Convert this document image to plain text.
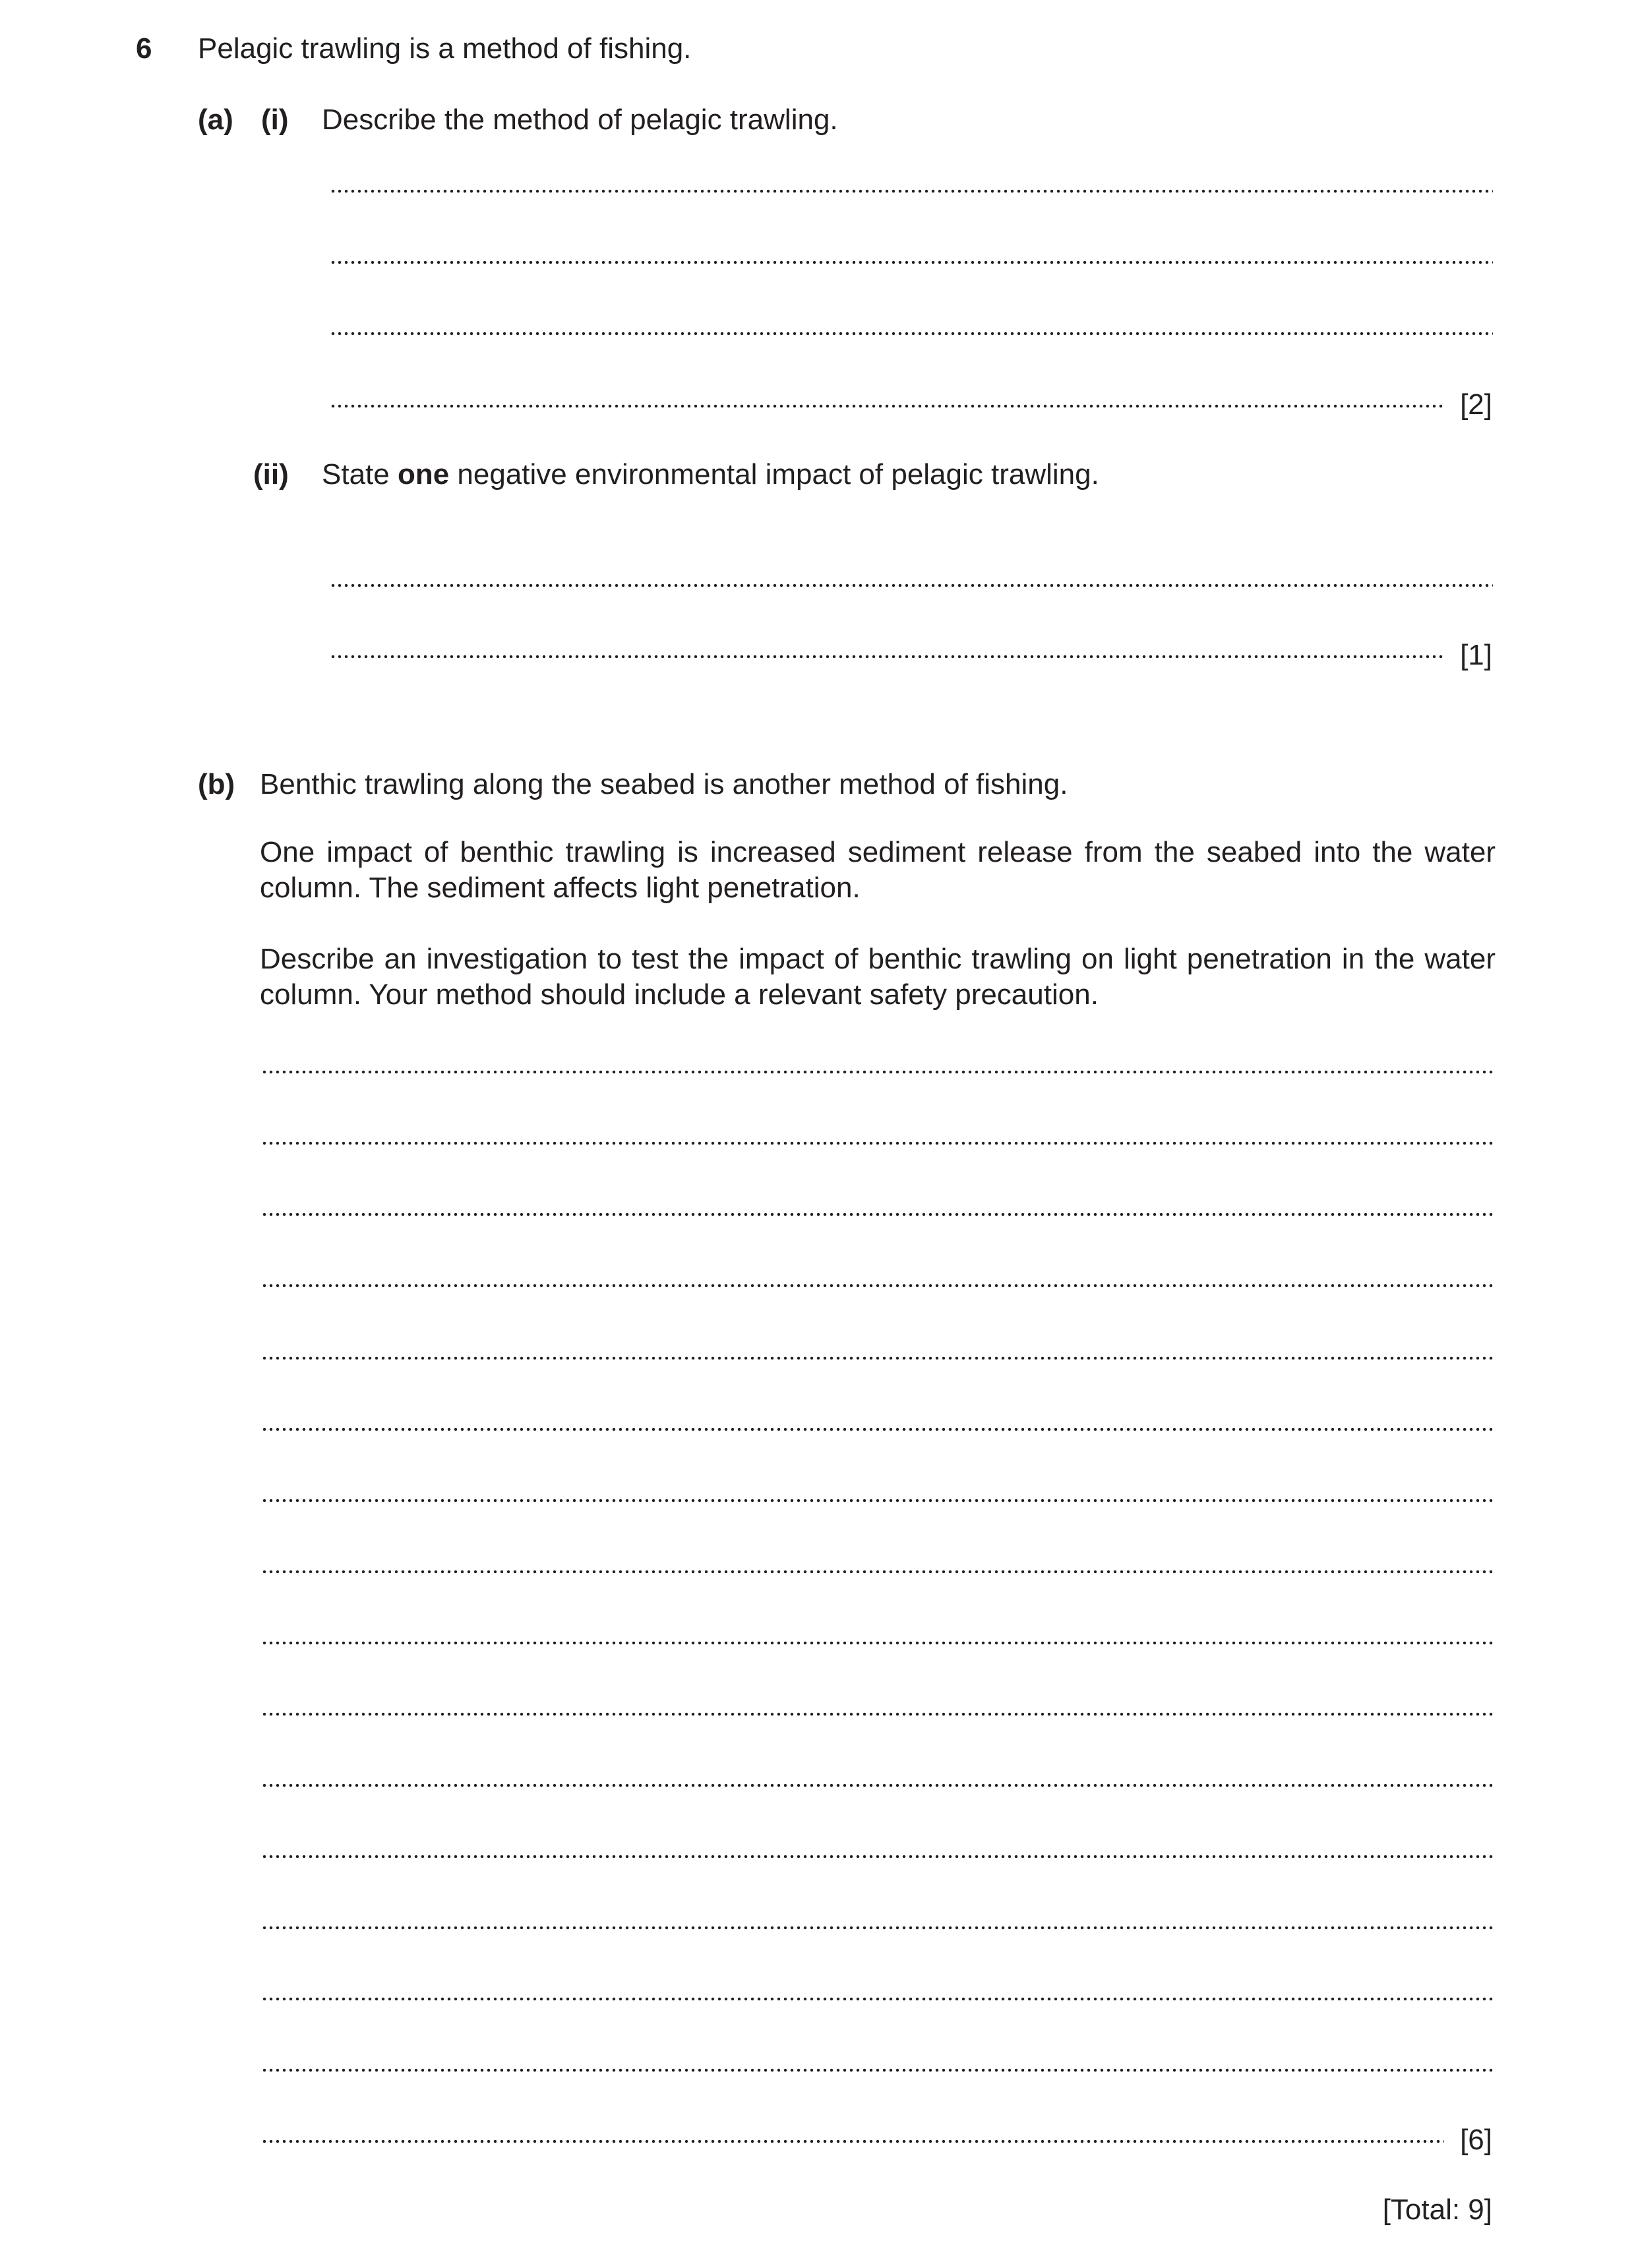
6 Pelagic trawling is a method of fishing.
(a) (i) Describe the method of pelagic trawling.
[2]
(ii) State one negative environmental impact of pelagic trawling.
[1]
(b) Benthic trawling along the seabed is another method of fishing.
One impact of benthic trawling is increased sediment release from the seabed into the water column. The sediment affects light penetration.
Describe an investigation to test the impact of benthic trawling on light penetration in the water column. Your method should include a relevant safety precaution.
[6]
[Total: 9]
